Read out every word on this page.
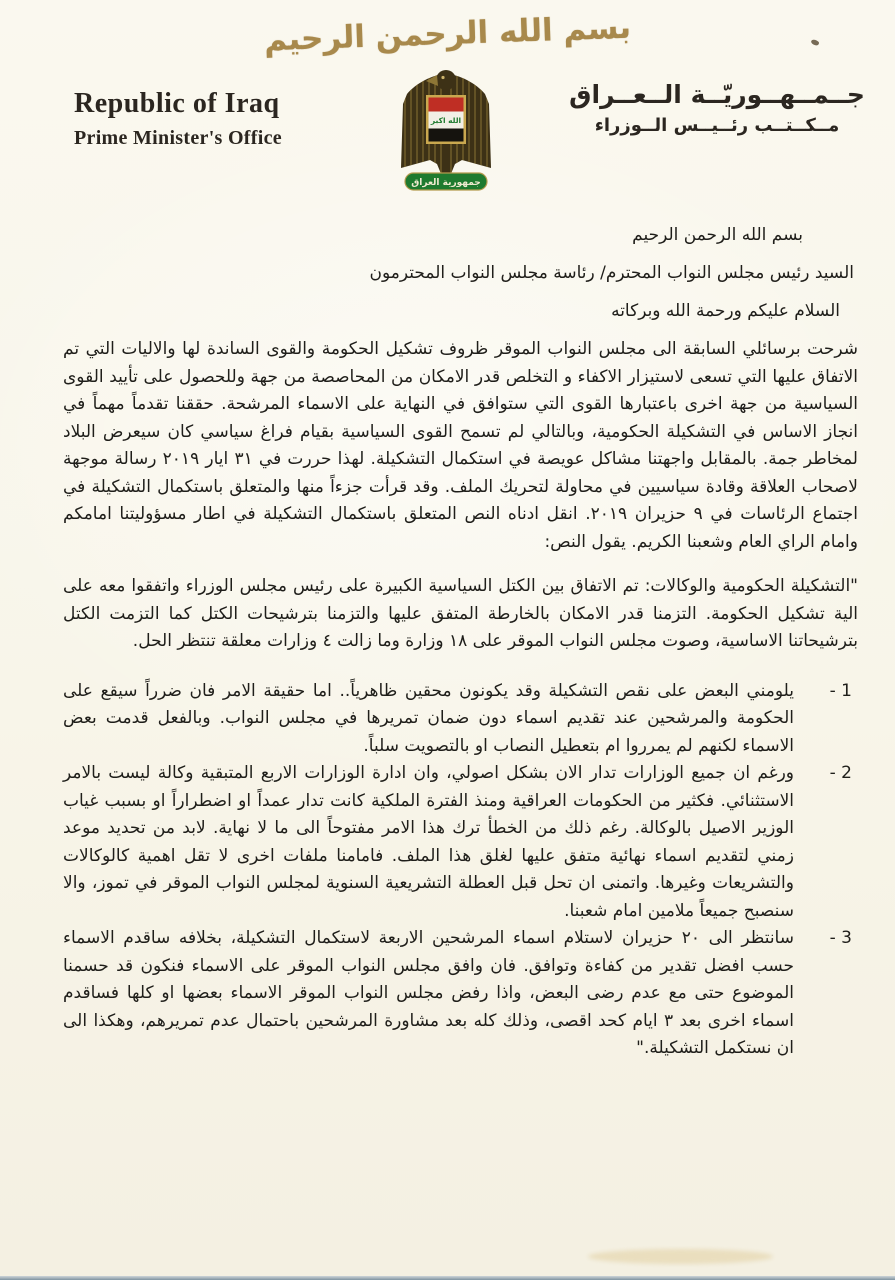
بسم الله الرحمن الرحيم
Republic of Iraq
Prime Minister's Office
الله اكبر
جمهورية العراق
جــمــهــوريّــة الــعــراق
مــكــتــب رئــيــس الــوزراء
بسم الله الرحمن الرحيم
السيد رئيس مجلس النواب المحترم/ رئاسة مجلس النواب المحترمون
السلام عليكم ورحمة الله وبركاته

شرحت برسائلي السابقة الى مجلس النواب الموقر ظروف تشكيل الحكومة والقوى الساندة لها والاليات التي تم الاتفاق عليها التي تسعى لاستيزار الاكفاء و التخلص قدر الامكان من المحاصصة من جهة وللحصول على تأييد القوى السياسية من جهة اخرى باعتبارها القوى التي ستوافق في النهاية على الاسماء المرشحة. حققنا تقدماً مهماً في انجاز الاساس في التشكيلة الحكومية، وبالتالي لم تسمح القوى السياسية بقيام فراغ سياسي كان سيعرض البلاد لمخاطر جمة. بالمقابل واجهتنا مشاكل عويصة في استكمال التشكيلة. لهذا حررت في ٣١ ايار ٢٠١٩ رسالة موجهة لاصحاب العلاقة وقادة سياسيين في محاولة لتحريك الملف. وقد قرأت جزءاً منها والمتعلق باستكمال التشكيلة في اجتماع الرئاسات في ٩ حزيران ٢٠١٩. انقل ادناه النص المتعلق باستكمال التشكيلة في اطار مسؤوليتنا امامكم وامام الراي العام وشعبنا الكريم. يقول النص:

"التشكيلة الحكومية والوكالات: تم الاتفاق بين الكتل السياسية الكبيرة على رئيس مجلس الوزراء واتفقوا معه على الية تشكيل الحكومة. التزمنا قدر الامكان بالخارطة المتفق عليها والتزمنا بترشيحات الكتل كما التزمت الكتل بترشيحاتنا الاساسية، وصوت مجلس النواب الموقر على ١٨ وزارة وما زالت ٤ وزارات معلقة تنتظر الحل.

1 -
يلومني البعض على نقص التشكيلة وقد يكونون محقين ظاهرياً.. اما حقيقة الامر فان ضرراً سيقع على الحكومة والمرشحين عند تقديم اسماء دون ضمان تمريرها في مجلس النواب. وبالفعل قدمت بعض الاسماء لكنهم لم يمرروا ام بتعطيل النصاب او بالتصويت سلباً.
2 -
ورغم ان جميع الوزارات تدار الان بشكل اصولي، وان ادارة الوزارات الاربع المتبقية وكالة ليست بالامر الاستثنائي. فكثير من الحكومات العراقية ومنذ الفترة الملكية كانت تدار عمداً او اضطراراً او بسبب غياب الوزير الاصيل بالوكالة. رغم ذلك من الخطأ ترك هذا الامر مفتوحاً الى ما لا نهاية. لابد من تحديد موعد زمني لتقديم اسماء نهائية متفق عليها لغلق هذا الملف. فامامنا ملفات اخرى لا تقل اهمية كالوكالات والتشريعات وغيرها. واتمنى ان تحل قبل العطلة التشريعية السنوية لمجلس النواب الموقر في تموز، والا سنصبح جميعاً ملامين امام شعبنا.
3 -
سانتظر الى ٢٠ حزيران لاستلام اسماء المرشحين الاربعة لاستكمال التشكيلة، بخلافه ساقدم الاسماء حسب افضل تقدير من كفاءة وتوافق. فان وافق مجلس النواب الموقر على الاسماء فنكون قد حسمنا الموضوع حتى مع عدم رضى البعض، واذا رفض مجلس النواب الموقر الاسماء بعضها او كلها فساقدم اسماء اخرى بعد ٣ ايام كحد اقصى، وذلك كله بعد مشاورة المرشحين باحتمال عدم تمريرهم، وهكذا الى ان نستكمل التشكيلة."
